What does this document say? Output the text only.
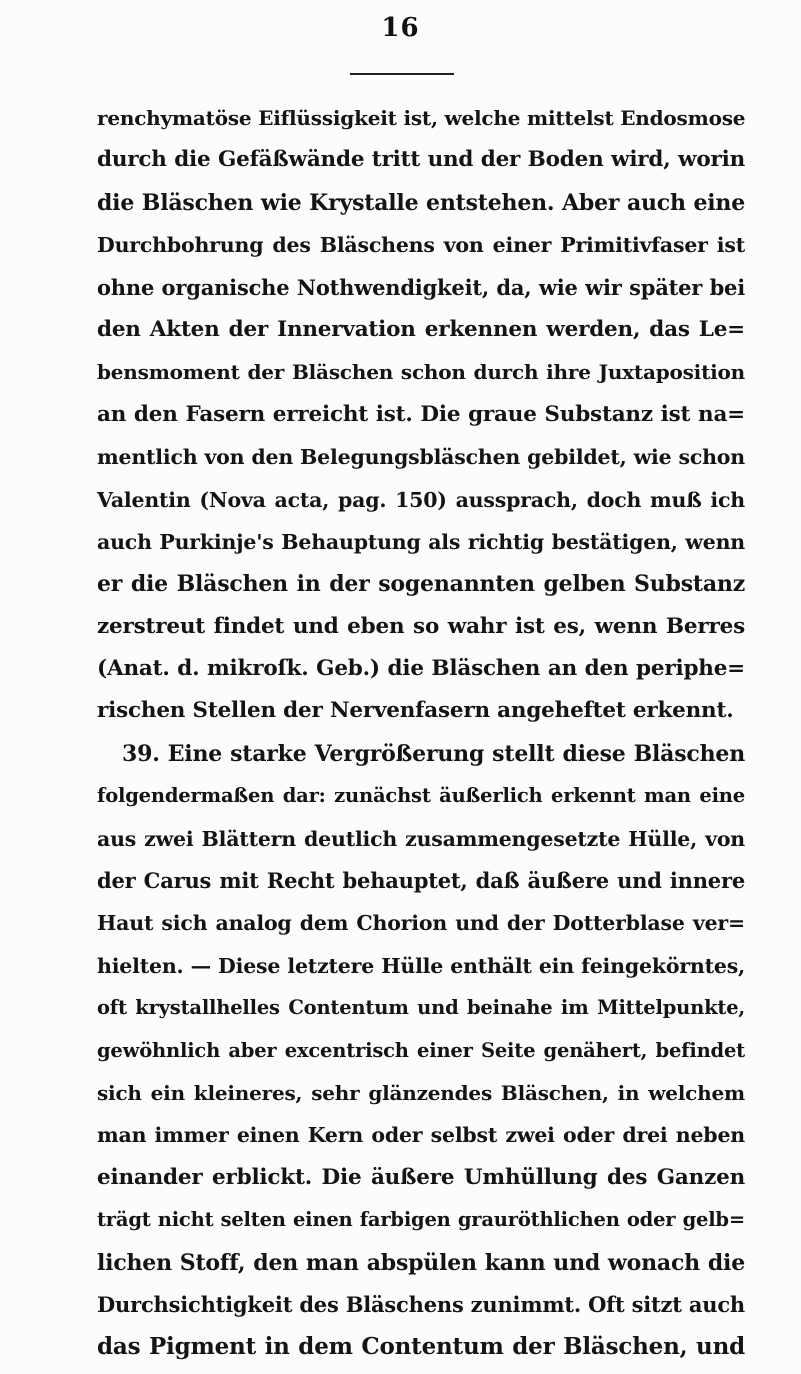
16
renchymatöse Eiflüssigkeit ist, welche mittelst Endosmose
durch die Gefäßwände tritt und der Boden wird, worin
die Bläschen wie Krystalle entstehen. Aber auch eine
Durchbohrung des Bläschens von einer Primitivfaser ist
ohne organische Nothwendigkeit, da, wie wir später bei
den Akten der Innervation erkennen werden, das Le=
bensmoment der Bläschen schon durch ihre Juxtaposition
an den Fasern erreicht ist. Die graue Substanz ist na=
mentlich von den Belegungsbläschen gebildet, wie schon
Valentin (Nova acta, pag. 150) aussprach, doch muß ich
auch Purkinje's Behauptung als richtig bestätigen, wenn
er die Bläschen in der sogenannten gelben Substanz
zerstreut findet und eben so wahr ist es, wenn Berres
(Anat. d. mikroſk. Geb.) die Bläschen an den periphe=
rischen Stellen der Nervenfasern angeheftet erkennt.
39. Eine starke Vergrößerung stellt diese Bläschen
folgendermaßen dar: zunächst äußerlich erkennt man eine
aus zwei Blättern deutlich zusammengesetzte Hülle, von
der Carus mit Recht behauptet, daß äußere und innere
Haut sich analog dem Chorion und der Dotterblase ver=
hielten. — Diese letztere Hülle enthält ein feingekörntes,
oft krystallhelles Contentum und beinahe im Mittelpunkte,
gewöhnlich aber excentrisch einer Seite genähert, befindet
sich ein kleineres, sehr glänzendes Bläschen, in welchem
man immer einen Kern oder selbst zwei oder drei neben
einander erblickt. Die äußere Umhüllung des Ganzen
trägt nicht selten einen farbigen grauröthlichen oder gelb=
lichen Stoff, den man abspülen kann und wonach die
Durchsichtigkeit des Bläschens zunimmt. Oft sitzt auch
das Pigment in dem Contentum der Bläschen, und
